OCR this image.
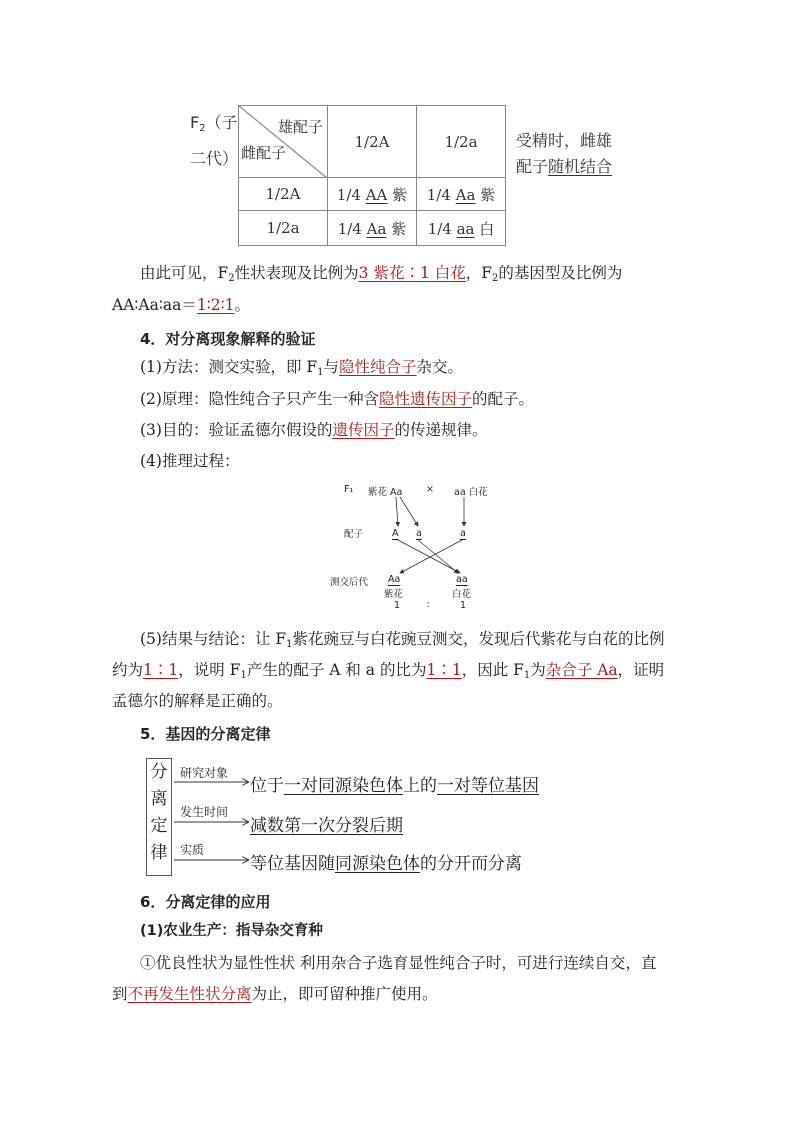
$F_2$（子
二代）
雄配子
雌配子	1/2A	1/2a
1/2A	1/4 AA 紫	1/4 Aa 紫
1/2a	1/4 Aa 紫	1/4 aa 白
受精时，雌雄
配子随机结合
由此可见，$F_2$性状表现及比例为3 紫花∶1 白花，$F_2$的基因型及比例为
AA∶Aa∶aa＝1∶2∶1。
4．对分离现象解释的验证
(1)方法：测交实验，即 $F_1$与隐性纯合子杂交。
(2)原理：隐性纯合子只产生一种含隐性遗传因子的配子。
(3)目的：验证孟德尔假设的遗传因子的传递规律。
(4)推理过程：
F₁ 紫花 Aa × aa 白花
配子	A a	a
测交后代 Aa	aa
紫花	白花
1	∶	1
(5)结果与结论：让 $F_1$紫花豌豆与白花豌豆测交，发现后代紫花与白花的比例
约为1∶1，说明 $F_1$产生的配子 A 和 a 的比为1∶1，因此 $F_1$为杂合子 Aa，证明
孟德尔的解释是正确的。
5．基因的分离定律
分
离
定
律
研究对象
位于一对同源染色体上的一对等位基因
发生时间
减数第一次分裂后期
实质
等位基因随同源染色体的分开而分离
6．分离定律的应用
(1)农业生产：指导杂交育种
①优良性状为显性性状 利用杂合子选育显性纯合子时，可进行连续自交，直
到不再发生性状分离为止，即可留种推广使用。
